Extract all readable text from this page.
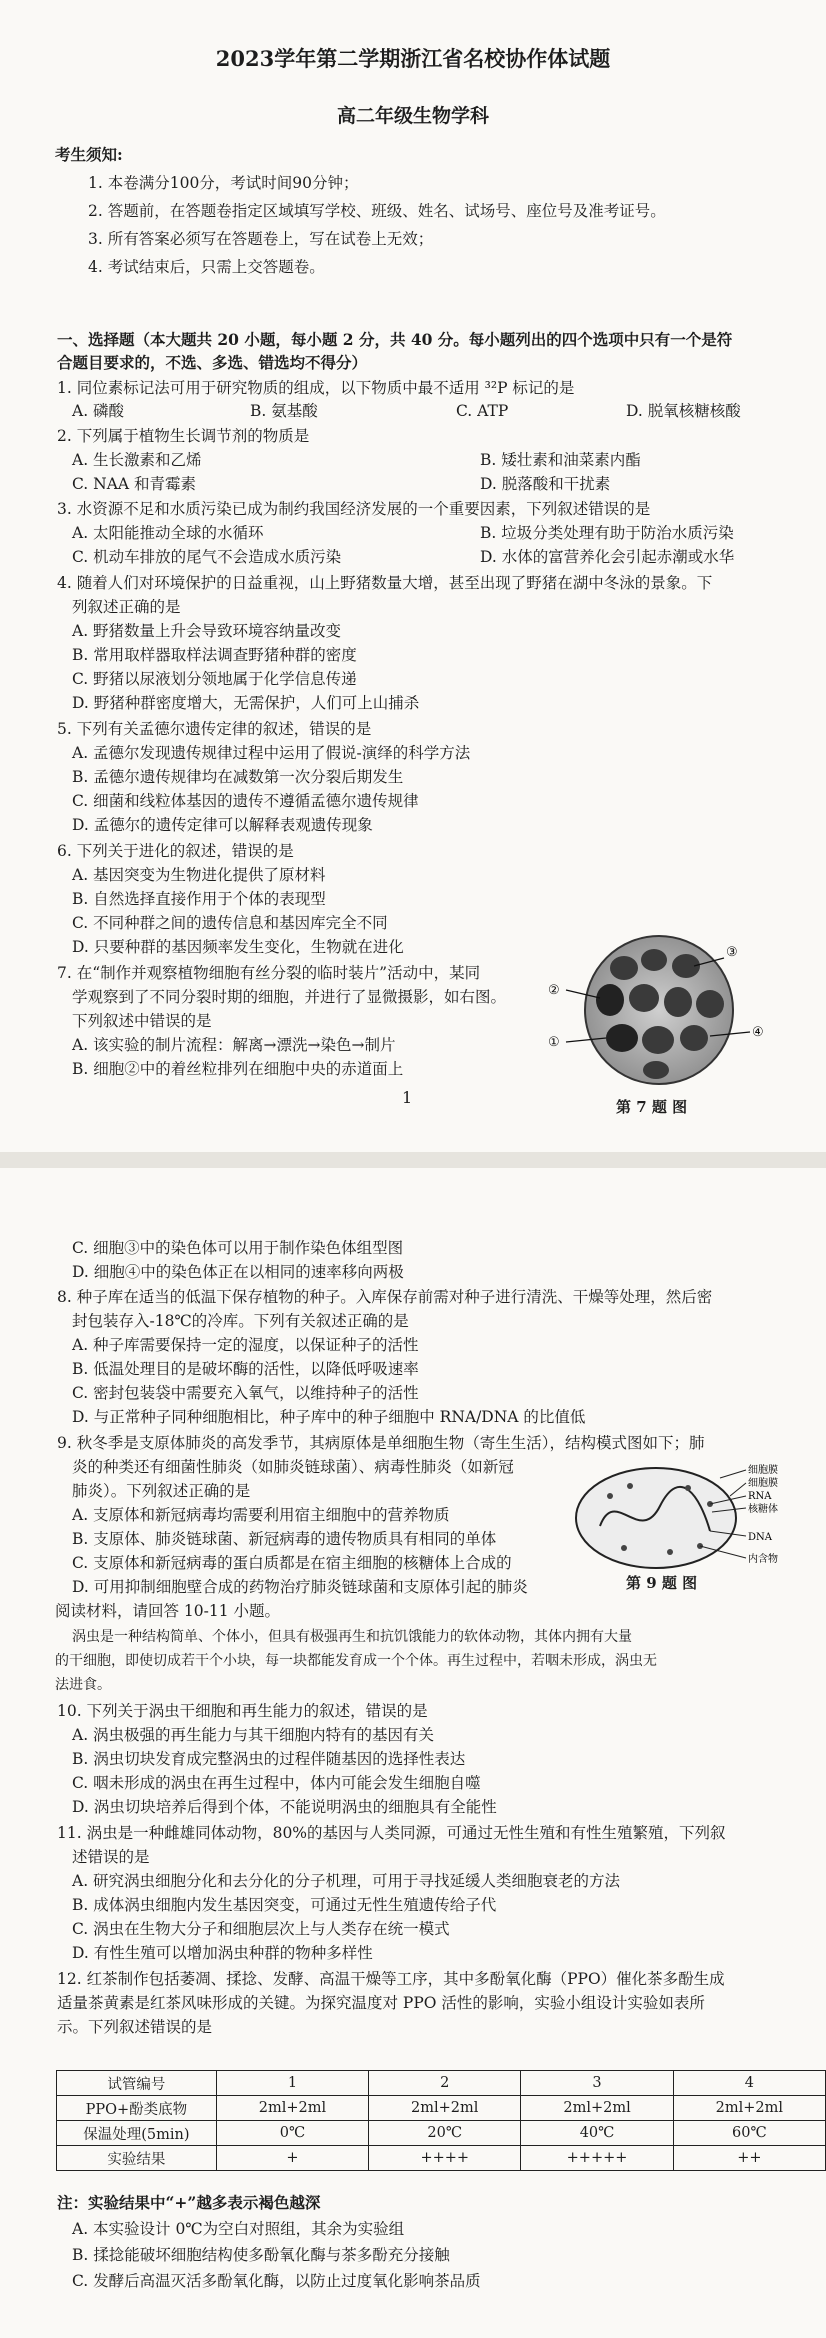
2023学年第二学期浙江省名校协作体试题
高二年级生物学科
考生须知:
1. 本卷满分100分，考试时间90分钟；
2. 答题前，在答题卷指定区域填写学校、班级、姓名、试场号、座位号及准考证号。
3. 所有答案必须写在答题卷上，写在试卷上无效；
4. 考试结束后，只需上交答题卷。
一、选择题（本大题共 20 小题，每小题 2 分，共 40 分。每小题列出的四个选项中只有一个是符
合题目要求的，不选、多选、错选均不得分）
1. 同位素标记法可用于研究物质的组成，以下物质中最不适用 ³²P 标记的是
A. 磷酸	B. 氨基酸	C. ATP	D. 脱氧核糖核酸
2. 下列属于植物生长调节剂的物质是
A. 生长激素和乙烯	B. 矮壮素和油菜素内酯
C. NAA 和青霉素	D. 脱落酸和干扰素
3. 水资源不足和水质污染已成为制约我国经济发展的一个重要因素，下列叙述错误的是
A. 太阳能推动全球的水循环	B. 垃圾分类处理有助于防治水质污染
C. 机动车排放的尾气不会造成水质污染	D. 水体的富营养化会引起赤潮或水华
4. 随着人们对环境保护的日益重视，山上野猪数量大增，甚至出现了野猪在湖中冬泳的景象。下
列叙述正确的是
A. 野猪数量上升会导致环境容纳量改变
B. 常用取样器取样法调查野猪种群的密度
C. 野猪以尿液划分领地属于化学信息传递
D. 野猪种群密度增大，无需保护，人们可上山捕杀
5. 下列有关孟德尔遗传定律的叙述，错误的是
A. 孟德尔发现遗传规律过程中运用了假说-演绎的科学方法
B. 孟德尔遗传规律均在减数第一次分裂后期发生
C. 细菌和线粒体基因的遗传不遵循孟德尔遗传规律
D. 孟德尔的遗传定律可以解释表观遗传现象
6. 下列关于进化的叙述，错误的是
A. 基因突变为生物进化提供了原材料
B. 自然选择直接作用于个体的表现型
C. 不同种群之间的遗传信息和基因库完全不同
D. 只要种群的基因频率发生变化，生物就在进化
7. 在“制作并观察植物细胞有丝分裂的临时装片”活动中，某同
学观察到了不同分裂时期的细胞，并进行了显微摄影，如右图。
下列叙述中错误的是
A. 该实验的制片流程：解离→漂洗→染色→制片
B. 细胞②中的着丝粒排列在细胞中央的赤道面上
②
①
③
④
第 7 题 图
1
C. 细胞③中的染色体可以用于制作染色体组型图
D. 细胞④中的染色体正在以相同的速率移向两极
8. 种子库在适当的低温下保存植物的种子。入库保存前需对种子进行清洗、干燥等处理，然后密
封包装存入-18℃的冷库。下列有关叙述正确的是
A. 种子库需要保持一定的湿度，以保证种子的活性
B. 低温处理目的是破坏酶的活性，以降低呼吸速率
C. 密封包装袋中需要充入氧气，以维持种子的活性
D. 与正常种子同种细胞相比，种子库中的种子细胞中 RNA/DNA 的比值低
9. 秋冬季是支原体肺炎的高发季节，其病原体是单细胞生物（寄生生活），结构模式图如下；肺
炎的种类还有细菌性肺炎（如肺炎链球菌）、病毒性肺炎（如新冠
肺炎）。下列叙述正确的是
A. 支原体和新冠病毒均需要利用宿主细胞中的营养物质
B. 支原体、肺炎链球菌、新冠病毒的遗传物质具有相同的单体
C. 支原体和新冠病毒的蛋白质都是在宿主细胞的核糖体上合成的
D. 可用抑制细胞壁合成的药物治疗肺炎链球菌和支原体引起的肺炎
细胞膜
细胞膜
RNA
核糖体
DNA
内含物
第 9 题 图
阅读材料，请回答 10-11 小题。
涡虫是一种结构简单、个体小，但具有极强再生和抗饥饿能力的软体动物，其体内拥有大量
的干细胞，即使切成若干个小块，每一块都能发育成一个个体。再生过程中，若咽未形成，涡虫无
法进食。
10. 下列关于涡虫干细胞和再生能力的叙述，错误的是
A. 涡虫极强的再生能力与其干细胞内特有的基因有关
B. 涡虫切块发育成完整涡虫的过程伴随基因的选择性表达
C. 咽未形成的涡虫在再生过程中，体内可能会发生细胞自噬
D. 涡虫切块培养后得到个体，不能说明涡虫的细胞具有全能性
11. 涡虫是一种雌雄同体动物，80%的基因与人类同源，可通过无性生殖和有性生殖繁殖，下列叙
述错误的是
A. 研究涡虫细胞分化和去分化的分子机理，可用于寻找延缓人类细胞衰老的方法
B. 成体涡虫细胞内发生基因突变，可通过无性生殖遗传给子代
C. 涡虫在生物大分子和细胞层次上与人类存在统一模式
D. 有性生殖可以增加涡虫种群的物种多样性
12. 红茶制作包括萎凋、揉捻、发酵、高温干燥等工序，其中多酚氧化酶（PPO）催化茶多酚生成
适量茶黄素是红茶风味形成的关键。为探究温度对 PPO 活性的影响，实验小组设计实验如表所
示。下列叙述错误的是
试管编号	1	2	3	4
PPO+酚类底物	2ml+2ml	2ml+2ml	2ml+2ml	2ml+2ml
保温处理(5min)	0℃	20℃	40℃	60℃
实验结果	+	++++	+++++	++
注：实验结果中“+”越多表示褐色越深
A. 本实验设计 0℃为空白对照组，其余为实验组
B. 揉捻能破坏细胞结构使多酚氧化酶与茶多酚充分接触
C. 发酵后高温灭活多酚氧化酶，以防止过度氧化影响茶品质
